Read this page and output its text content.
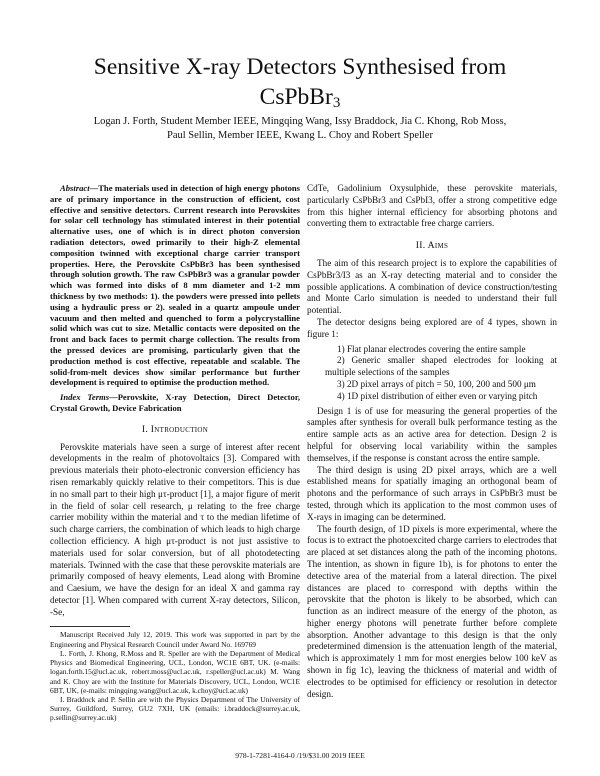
Sensitive X-ray Detectors Synthesised from
CsPbBr$_3$
Logan J. Forth, Student Member IEEE, Mingqing Wang, Issy Braddock, Jia C. Khong, Rob Moss,
Paul Sellin, Member IEEE, Kwang L. Choy and Robert Speller

Abstract—The materials used in detection of high energy photons are of primary importance in the construction of efficient, cost effective and sensitive detectors. Current research into Perovskites for solar cell technology has stimulated interest in their potential alternative uses, one of which is in direct photon conversion radiation detectors, owed primarily to their high-Z elemental composition twinned with exceptional charge carrier transport properties. Here, the Perovskite CsPbBr3 has been synthesised through solution growth. The raw CsPbBr3 was a granular powder which was formed into disks of 8 mm diameter and 1-2 mm thickness by two methods: 1). the powders were pressed into pellets using a hydraulic press or 2). sealed in a quartz ampoule under vacuum and then melted and quenched to form a polycrystalline solid which was cut to size. Metallic contacts were deposited on the front and back faces to permit charge collection. The results from the pressed devices are promising, particularly given that the production method is cost effective, repeatable and scalable. The solid-from-melt devices show similar performance but further development is required to optimise the production method.

Index Terms—Perovskite, X-ray Detection, Direct Detector, Crystal Growth, Device Fabrication

I. Introduction

Perovskite materials have seen a surge of interest after recent developments in the realm of photovoltaics [3]. Compared with previous materials their photo-electronic conversion efficiency has risen remarkably quickly relative to their competitors. This is due in no small part to their high μτ-product [1], a major figure of merit in the field of solar cell research, μ relating to the free charge carrier mobility within the material and τ to the median lifetime of such charge carriers, the combination of which leads to high charge collection efficiency. A high μτ-product is not just assistive to materials used for solar conversion, but of all photodetecting materials. Twinned with the case that these perovskite materials are primarily composed of heavy elements, Lead along with Bromine and Caesium, we have the design for an ideal X and gamma ray detector [1]. When compared with current X-ray detectors, Silicon, -Se,

Manuscript Received July 12, 2019. This work was supported in part by the Engineering and Physical Research Council under Award No. 169769

L. Forth, J. Khong, R.Moss and R. Speller are with the Department of Medical Physics and Biomedical Engineering, UCL, London, WC1E 6BT, UK. (e-mails: logan.forth.15@ucl.ac.uk, robert.moss@ucl.ac.uk, r.speller@ucl.ac.uk) M. Wang and K. Choy are with the Institute for Materials Discovery, UCL, London, WC1E 6BT, UK, (e-mails: mingqing.wang@ucl.ac.uk, k.choy@ucl.ac.uk)

I. Braddock and P. Sellin are with the Physics Department of The University of Surrey, Guildford, Surrey, GU2 7XH, UK (emails: i.braddock@surrey.ac.uk, p.sellin@surrey.ac.uk)

CdTe, Gadolinium Oxysulphide, these perovskite materials, particularly CsPbBr3 and CsPbI3, offer a strong competitive edge from this higher internal efficiency for absorbing photons and converting them to extractable free charge carriers.

II. Aims

The aim of this research project is to explore the capabilities of CsPbBr3/I3 as an X-ray detecting material and to consider the possible applications. A combination of device construction/testing and Monte Carlo simulation is needed to understand their full potential.

The detector designs being explored are of 4 types, shown in figure 1:

1) Flat planar electrodes covering the entire sample

2) Generic smaller shaped electrodes for looking at multiple selections of the samples

3) 2D pixel arrays of pitch = 50, 100, 200 and 500 μm

4) 1D pixel distribution of either even or varying pitch

Design 1 is of use for measuring the general properties of the samples after synthesis for overall bulk performance testing as the entire sample acts as an active area for detection. Design 2 is helpful for observing local variability within the samples themselves, if the response is constant across the entire sample.

The third design is using 2D pixel arrays, which are a well established means for spatially imaging an orthogonal beam of photons and the performance of such arrays in CsPbBr3 must be tested, through which its application to the most common uses of X-rays in imaging can be determined.

The fourth design, of 1D pixels is more experimental, where the focus is to extract the photoexcited charge carriers to electrodes that are placed at set distances along the path of the incoming photons. The intention, as shown in figure 1b), is for photons to enter the detective area of the material from a lateral direction. The pixel distances are placed to correspond with depths within the perovskite that the photon is likely to be absorbed, which can function as an indirect measure of the energy of the photon, as higher energy photons will penetrate further before complete absorption. Another advantage to this design is that the only predetermined dimension is the attenuation length of the material, which is approximately 1 mm for most energies below 100 keV as shown in fig 1c), leaving the thickness of material and width of electrodes to be optimised for efficiency or resolution in detector design.

978-1-7281-4164-0 /19/$31.00 2019 IEEE
